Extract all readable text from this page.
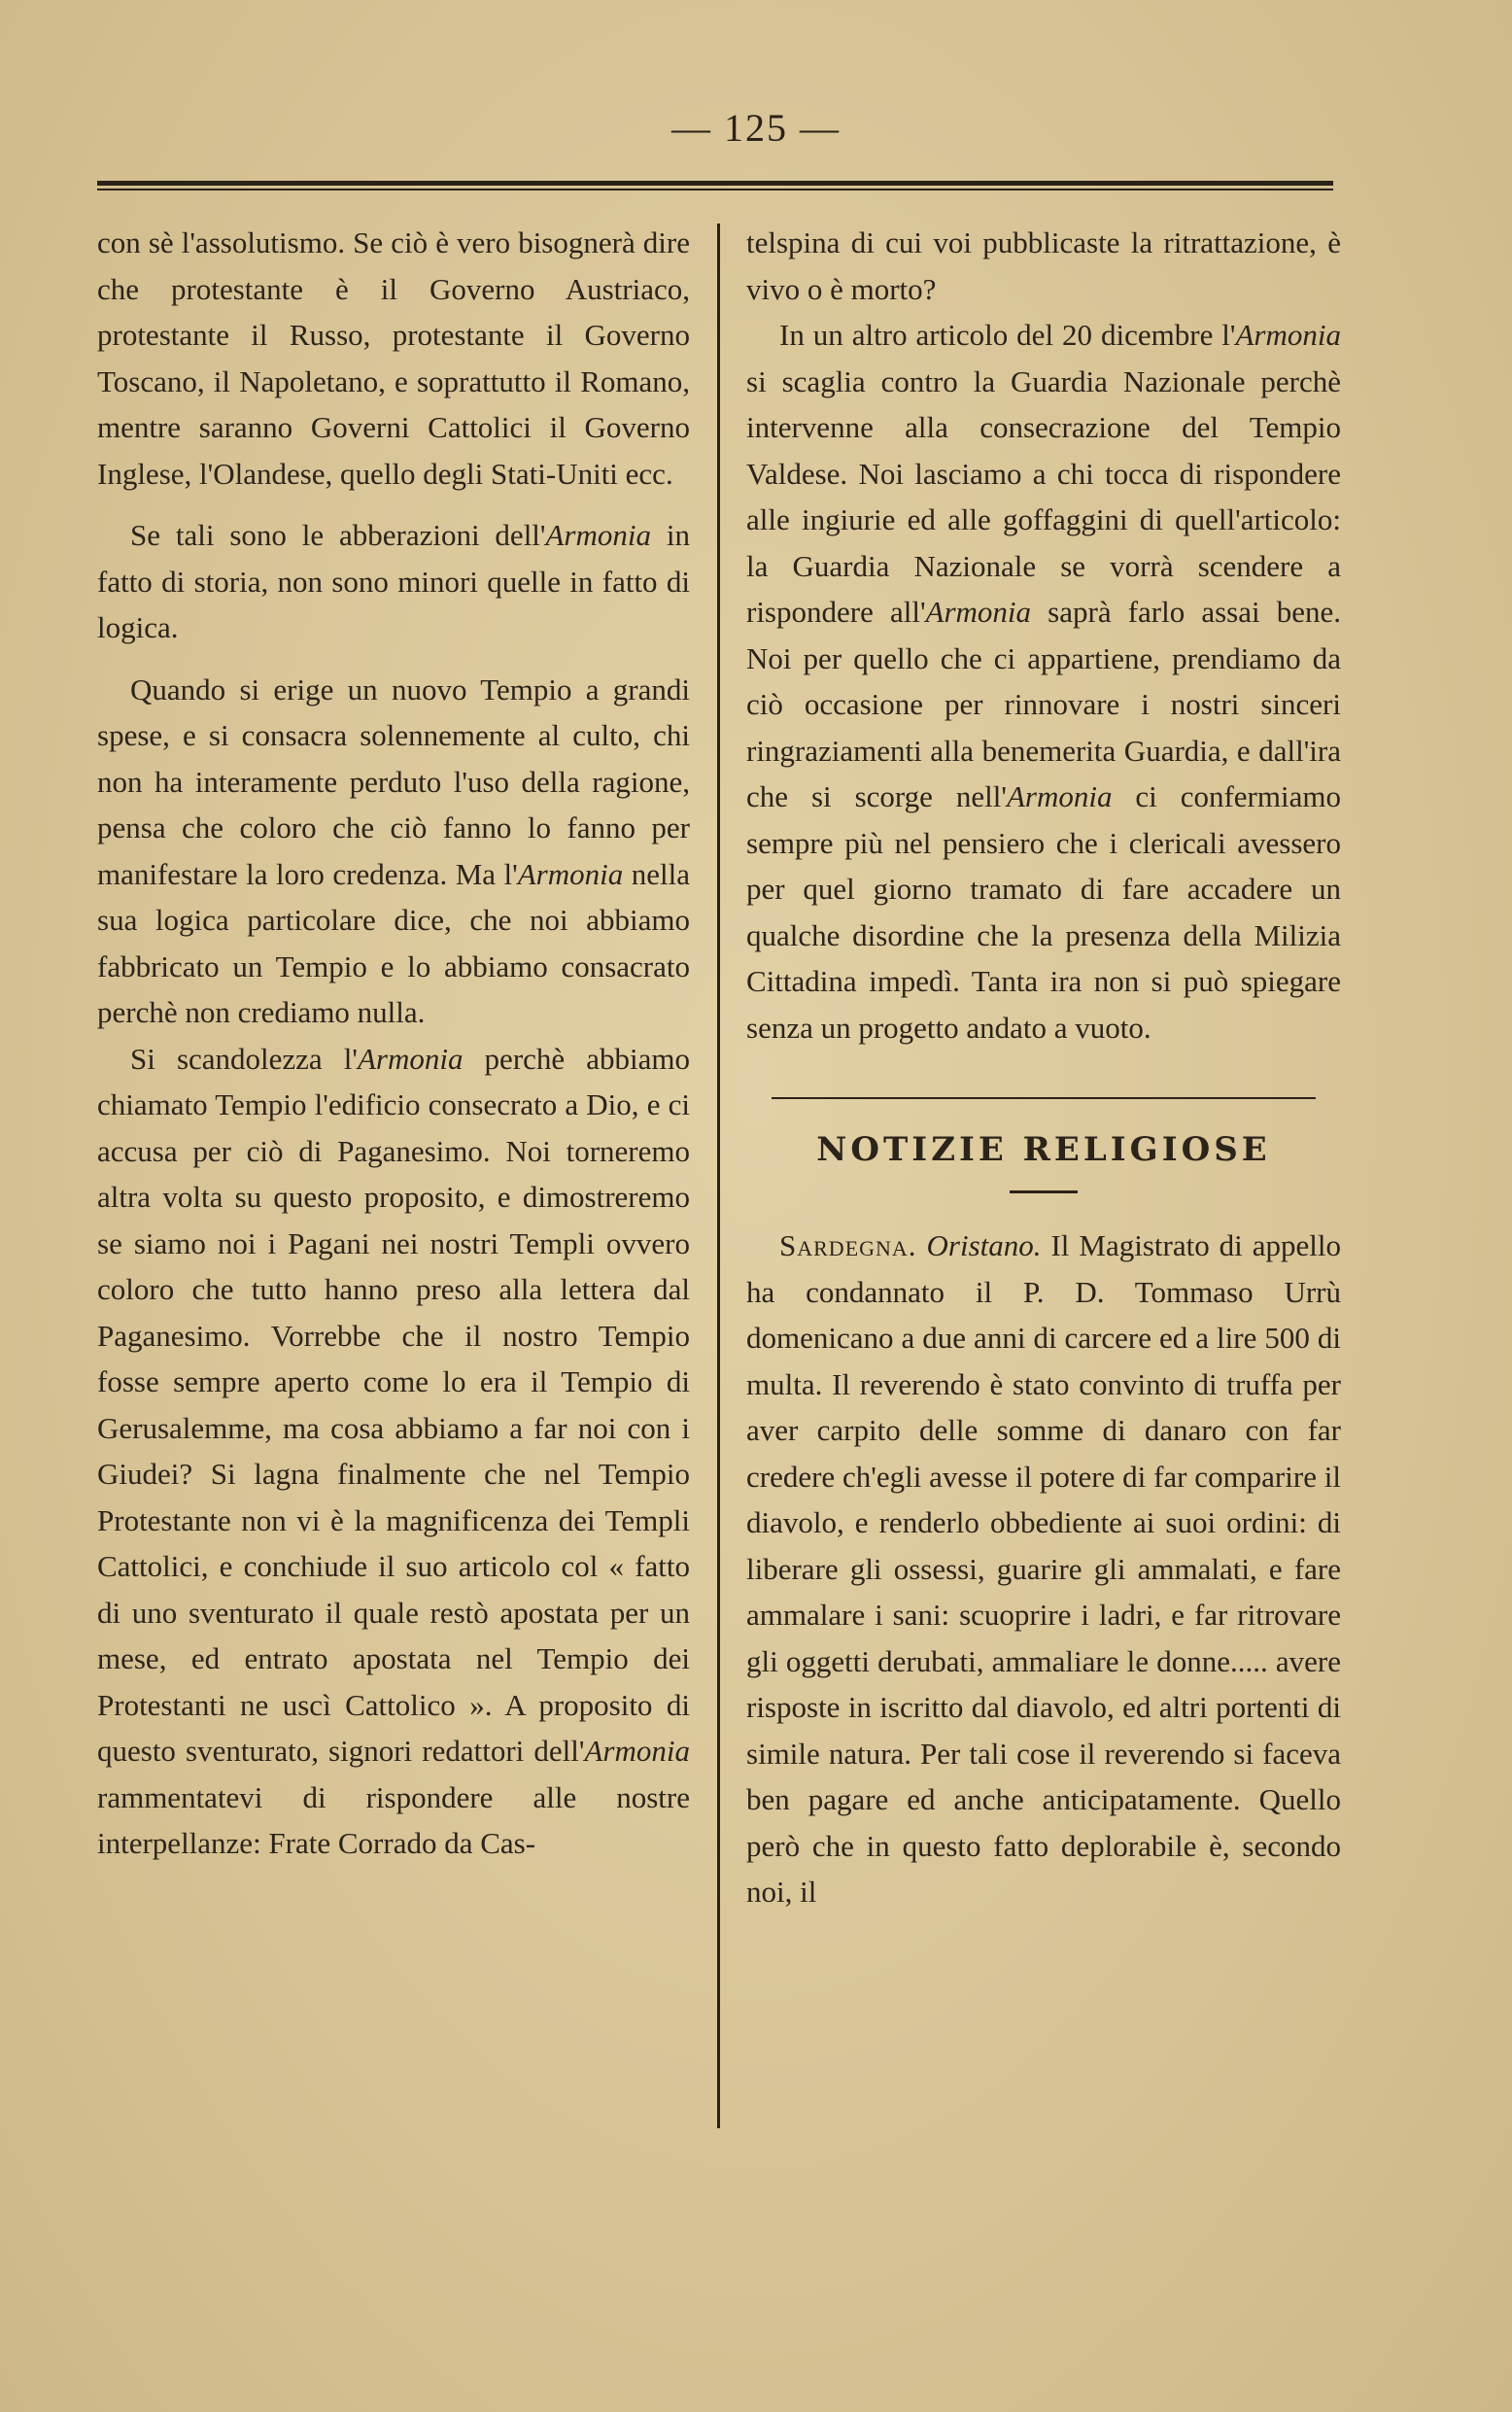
— 125 —

con sè l'assolutismo. Se ciò è vero bisognerà dire che protestante è il Governo Austriaco, protestante il Russo, protestante il Governo Toscano, il Napoletano, e soprattutto il Romano, mentre saranno Governi Cattolici il Governo Inglese, l'Olandese, quello degli Stati-Uniti ecc.

Se tali sono le abberazioni dell'Armonia in fatto di storia, non sono minori quelle in fatto di logica.

Quando si erige un nuovo Tempio a grandi spese, e si consacra solennemente al culto, chi non ha interamente perduto l'uso della ragione, pensa che coloro che ciò fanno lo fanno per manifestare la loro credenza. Ma l'Armonia nella sua logica particolare dice, che noi abbiamo fabbricato un Tempio e lo abbiamo consacrato perchè non crediamo nulla.

Si scandolezza l'Armonia perchè abbiamo chiamato Tempio l'edificio consecrato a Dio, e ci accusa per ciò di Paganesimo. Noi torneremo altra volta su questo proposito, e dimostreremo se siamo noi i Pagani nei nostri Templi ovvero coloro che tutto hanno preso alla lettera dal Paganesimo. Vorrebbe che il nostro Tempio fosse sempre aperto come lo era il Tempio di Gerusalemme, ma cosa abbiamo a far noi con i Giudei? Si lagna finalmente che nel Tempio Protestante non vi è la magnificenza dei Templi Cattolici, e conchiude il suo articolo col « fatto di uno sventurato il quale restò apostata per un mese, ed entrato apostata nel Tempio dei Protestanti ne uscì Cattolico ». A proposito di questo sventurato, signori redattori dell'Armonia rammentatevi di rispondere alle nostre interpellanze: Frate Corrado da Cas-

telspina di cui voi pubblicaste la ritrattazione, è vivo o è morto?

In un altro articolo del 20 dicembre l'Armonia si scaglia contro la Guardia Nazionale perchè intervenne alla consecrazione del Tempio Valdese. Noi lasciamo a chi tocca di rispondere alle ingiurie ed alle goffaggini di quell'articolo: la Guardia Nazionale se vorrà scendere a rispondere all'Armonia saprà farlo assai bene. Noi per quello che ci appartiene, prendiamo da ciò occasione per rinnovare i nostri sinceri ringraziamenti alla benemerita Guardia, e dall'ira che si scorge nell'Armonia ci confermiamo sempre più nel pensiero che i clericali avessero per quel giorno tramato di fare accadere un qualche disordine che la presenza della Milizia Cittadina impedì. Tanta ira non si può spiegare senza un progetto andato a vuoto.

NOTIZIE RELIGIOSE

Sardegna. Oristano. Il Magistrato di appello ha condannato il P. D. Tommaso Urrù domenicano a due anni di carcere ed a lire 500 di multa. Il reverendo è stato convinto di truffa per aver carpito delle somme di danaro con far credere ch'egli avesse il potere di far comparire il diavolo, e renderlo obbediente ai suoi ordini: di liberare gli ossessi, guarire gli ammalati, e fare ammalare i sani: scuoprire i ladri, e far ritrovare gli oggetti derubati, ammaliare le donne..... avere risposte in iscritto dal diavolo, ed altri portenti di simile natura. Per tali cose il reverendo si faceva ben pagare ed anche anticipatamente. Quello però che in questo fatto deplorabile è, secondo noi, il
